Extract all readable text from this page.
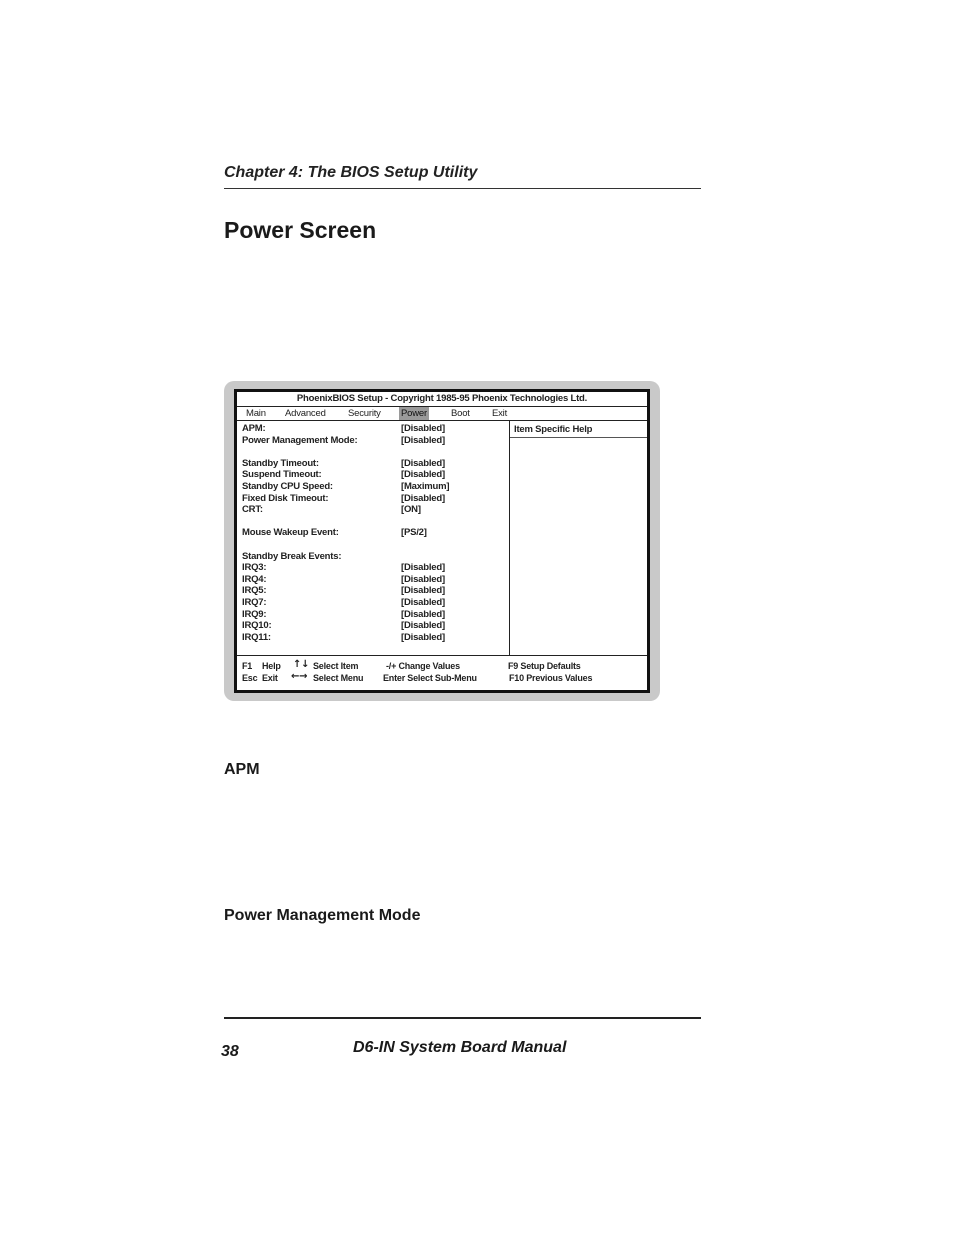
Chapter 4: The BIOS Setup Utility
Power Screen
PhoenixBIOS Setup - Copyright 1985-95 Phoenix Technologies Ltd.
Main Advanced Security Power	Boot Exit
APM:	[Disabled]
Power Management Mode:	[Disabled]
Standby Timeout:	[Disabled]
Suspend Timeout:	[Disabled]
Standby CPU Speed:	[Maximum]
Fixed Disk Timeout:	[Disabled]
CRT:	[ON]
Mouse Wakeup Event:	[PS/2]
Standby Break Events:
IRQ3:	[Disabled]
IRQ4:	[Disabled]
IRQ5:	[Disabled]
IRQ7:	[Disabled]
IRQ9:	[Disabled]
IRQ10:	[Disabled]
IRQ11:	[Disabled]
Item Specific Help
F1 Help ↑↓ Select Item	-/+ Change Values	F9 Setup Defaults
Esc Exit ←→ Select Menu Enter Select Sub-Menu	F10 Previous Values
APM
Power Management Mode
38	D6-IN System Board Manual
